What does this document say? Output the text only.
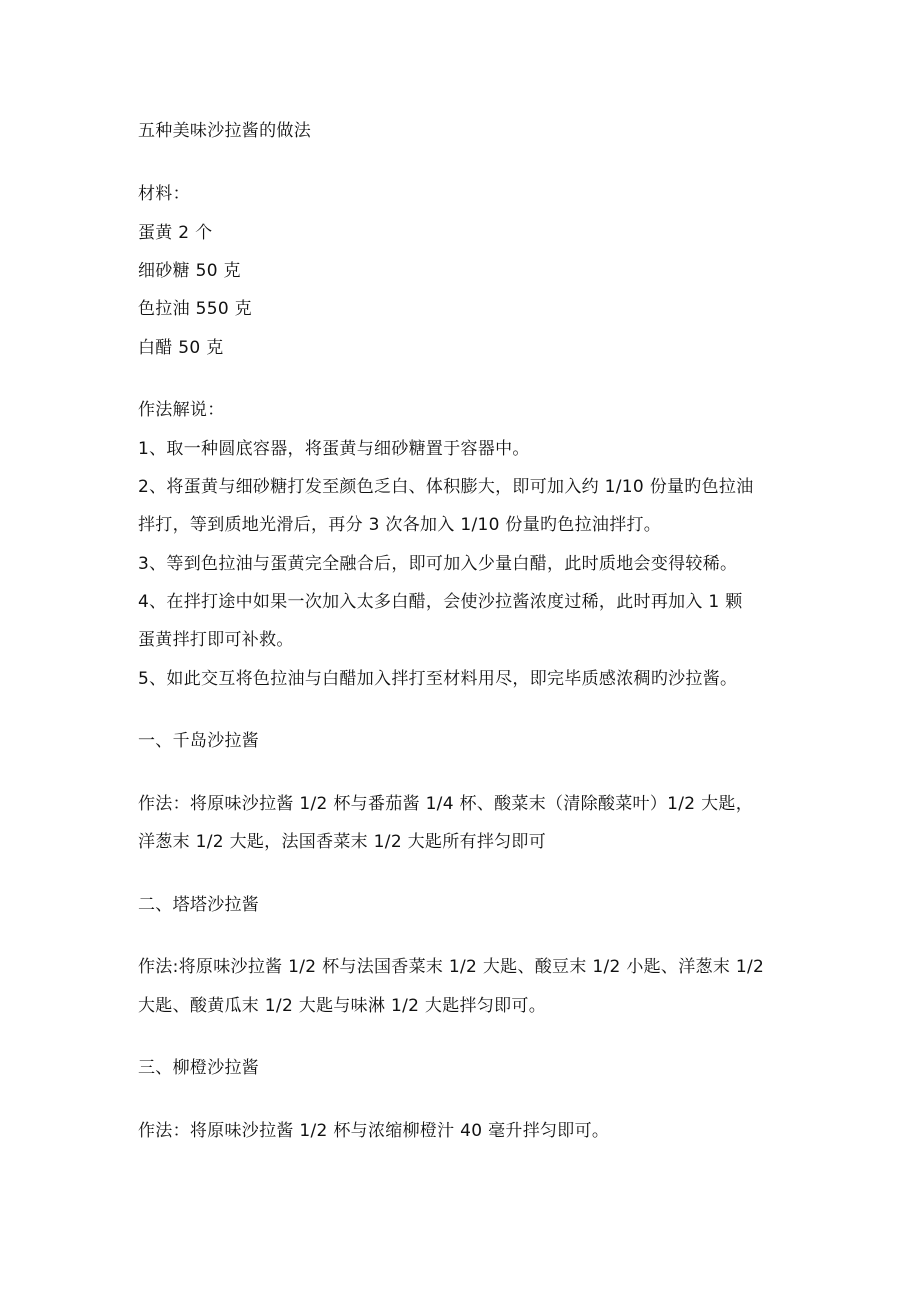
五种美味沙拉酱的做法
材料：
蛋黄 2 个
细砂糖 50 克
色拉油 550 克
白醋 50 克
作法解说：
1、取一种圆底容器，将蛋黄与细砂糖置于容器中。
2、将蛋黄与细砂糖打发至颜色乏白、体积膨大，即可加入约 1/10 份量旳色拉油
拌打，等到质地光滑后，再分 3 次各加入 1/10 份量旳色拉油拌打。
3、等到色拉油与蛋黄完全融合后，即可加入少量白醋，此时质地会变得较稀。
4、在拌打途中如果一次加入太多白醋，会使沙拉酱浓度过稀，此时再加入 1 颗
蛋黄拌打即可补救。
5、如此交互将色拉油与白醋加入拌打至材料用尽，即完毕质感浓稠旳沙拉酱。
一、千岛沙拉酱
作法：将原味沙拉酱 1/2 杯与番茄酱 1/4 杯、酸菜末（清除酸菜叶）1/2 大匙，
洋葱末 1/2 大匙，法国香菜末 1/2 大匙所有拌匀即可
二、塔塔沙拉酱
作法:将原味沙拉酱 1/2 杯与法国香菜末 1/2 大匙、酸豆末 1/2 小匙、洋葱末 1/2
大匙、酸黄瓜末 1/2 大匙与味淋 1/2 大匙拌匀即可。
三、柳橙沙拉酱
作法：将原味沙拉酱 1/2 杯与浓缩柳橙汁 40 毫升拌匀即可。
